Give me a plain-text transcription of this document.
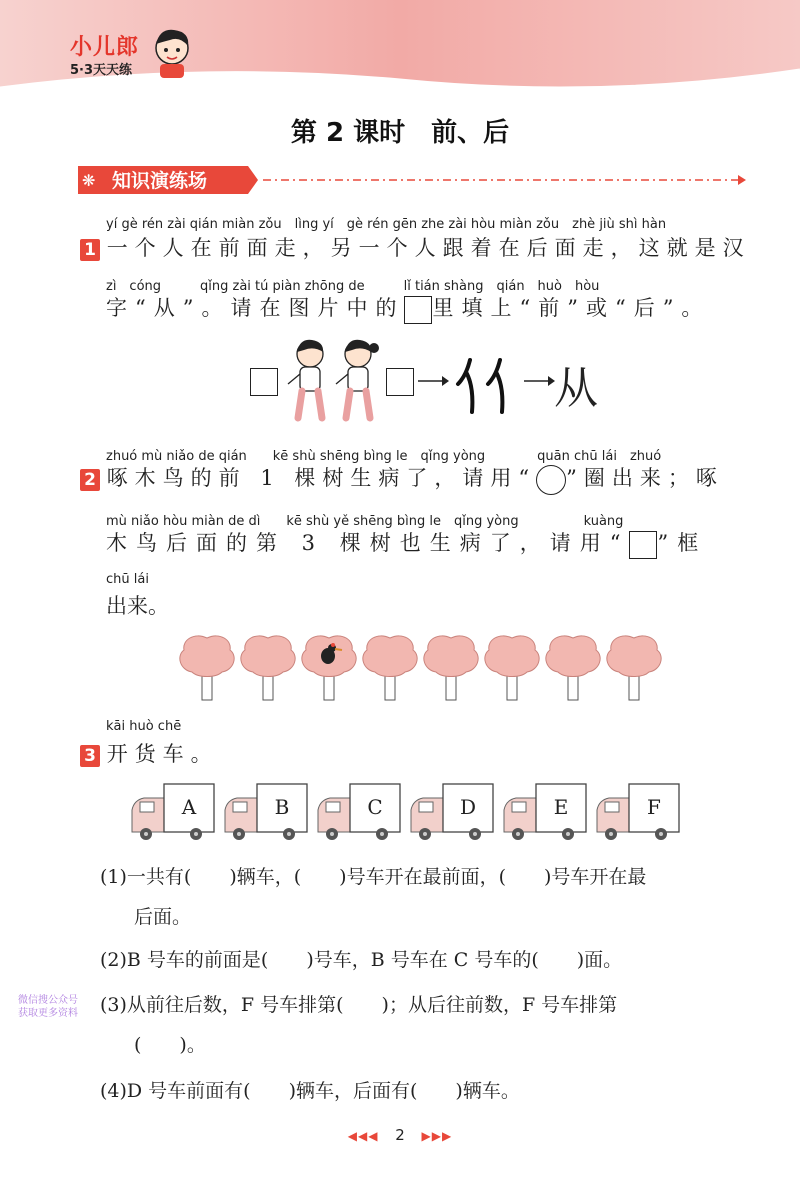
小儿郎
5·3天天练
第 2 课时　前、后
❋ 知识演练场
yí gè rén zài qián miàn zǒu　lìng yí　gè rén gēn zhe zài hòu miàn zǒu　zhè jiù shì hàn
1 一个人在前面走，另一个人跟着在后面走，这就是汉
zì　cóng　　　qǐng zài tú piàn zhōng de　　　lǐ tián shàng　qián　huò　hòu
字“从”。请在图片中的 里填上“前”或“后”。
从
zhuó mù niǎo de qián　　kē shù shēng bìng le　qǐng yòng　　　　quān chū lái　zhuó
2 啄木鸟的前 1 棵树生病了，请用“ ”圈出来；啄
mù niǎo hòu miàn de dì　　kē shù yě shēng bìng le　qǐng yòng　　　　　kuàng
木鸟后面的第 3 棵树也生病了，请用“ ”框
chū lái
出来。
kāi huò chē
3 开货车。
A	B	C	D	E	F
(1)一共有(　　)辆车，(　　)号车开在最前面，(　　)号车开在最
后面。
(2)B 号车的前面是(　　)号车，B 号车在 C 号车的(　　)面。
(3)从前往后数，F 号车排第(　　)；从后往前数，F 号车排第
(　　)。
(4)D 号车前面有(　　)辆车，后面有(　　)辆车。
微信搜公众号
获取更多资料
◀◀◀ 2 ▶▶▶
